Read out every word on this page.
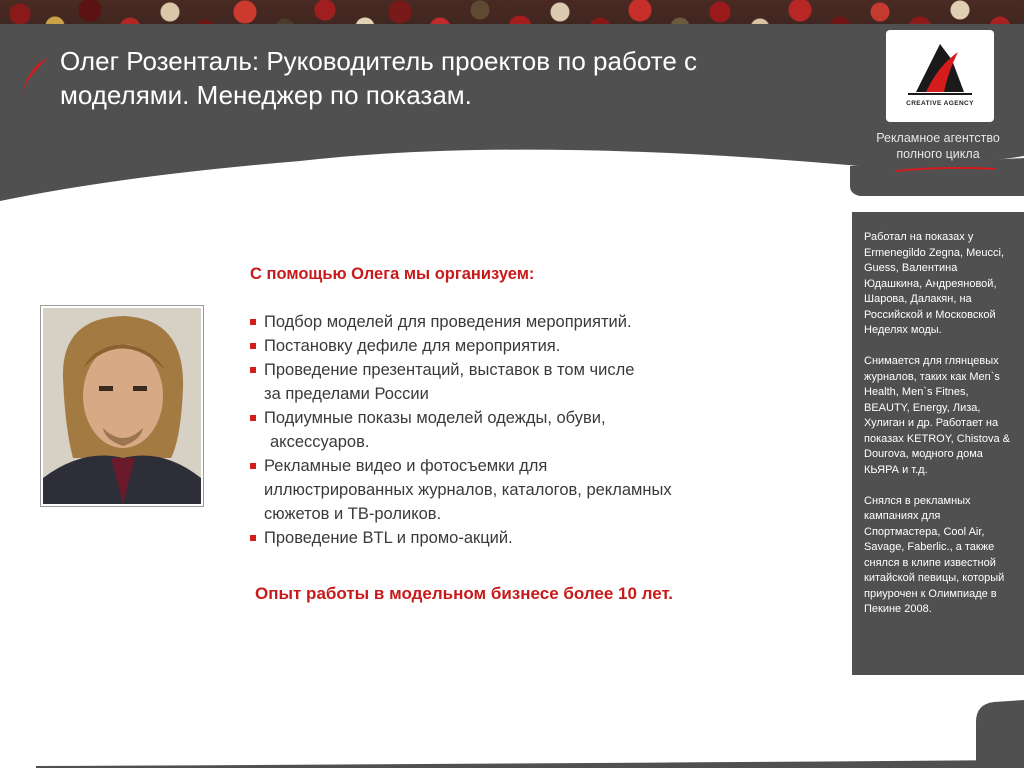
Олег Розенталь: Руководитель проектов по работе с моделями. Менеджер по показам.	CREATIVE AGENCY
Рекламное агентство
полного цикла
С помощью Олега мы организуем:
Подбор моделей для проведения мероприятий.
Постановку дефиле для мероприятия.
Проведение презентаций, выставок в том числе
за пределами России
Подиумные показы моделей одежды, обуви,
аксессуаров.
Рекламные видео и фотосъемки для
иллюстрированных журналов, каталогов, рекламных
сюжетов и ТВ-роликов.
Проведение BTL и промо-акций.
Опыт работы в модельном бизнесе более 10 лет.
Работал на показах у Ermenegildo Zegna, Meucci, Guess, Валентина Юдашкина, Андреяновой, Шарова, Далакян, на Российской и Московской Неделях моды.

Снимается для глянцевых журналов, таких как Men`s Health, Men`s Fitnes, BEAUTY, Energy, Лиза, Хулиган и др. Работает на показах KETROY, Chistova & Dourova, модного дома КЬЯРА и т.д.

Снялся в рекламных кампаниях для Спортмастера, Cool Air, Savage, Faberlic., а также снялся в клипе известной китайской певицы, который приурочен к Олимпиаде в Пекине 2008.
